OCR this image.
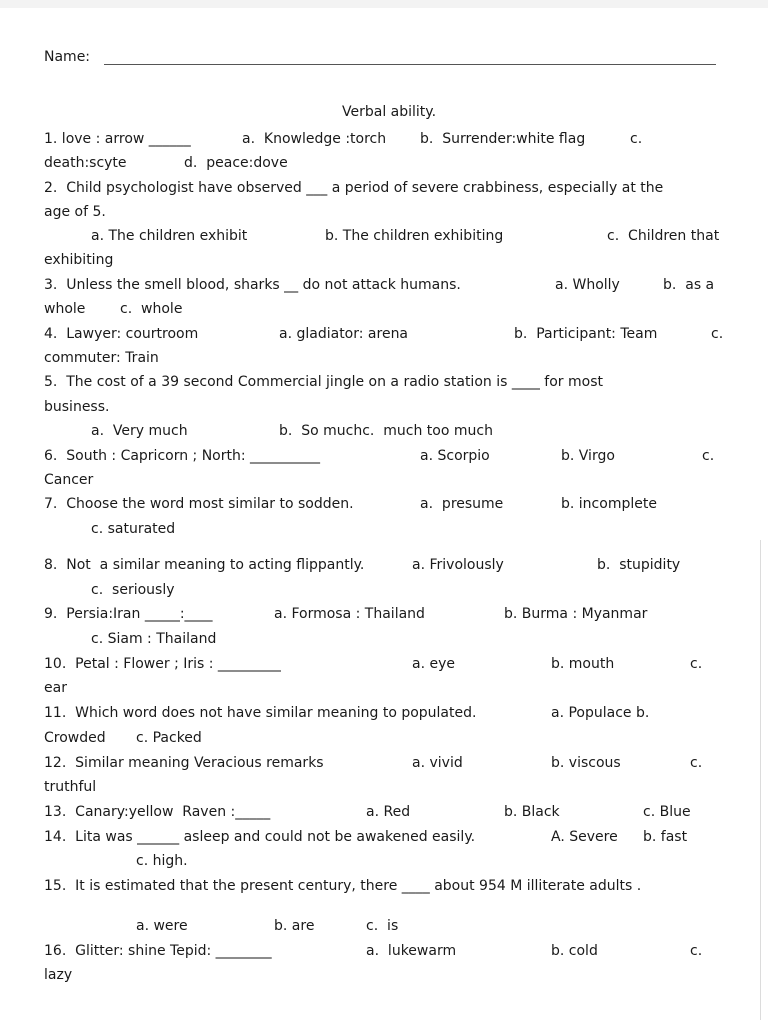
Name:
Verbal ability.
1. love : arrow ______	a.  Knowledge :torch b.  Surrender:white flag	c.
death:scyte	d.  peace:dove
2.  Child psychologist have observed ___ a period of severe crabbiness, especially at the
age of 5.
a. The children exhibit	b. The children exhibiting	c.  Children that
exhibiting
3.  Unless the smell blood, sharks __ do not attack humans.	a. Wholly	b.  as a
whole c.  whole
4.  Lawyer: courtroom	a. gladiator: arena	b.  Participant: Team	c.
commuter: Train
5.  The cost of a 39 second Commercial jingle on a radio station is ____ for most
business.
a.  Very much	b.  So muchc.  much too much
6.  South : Capricorn ; North: __________	a. Scorpio	b. Virgo	c.
Cancer
7.  Choose the word most similar to sodden.	a.  presume	b. incomplete
c. saturated
8.  Not  a similar meaning to acting flippantly.	a. Frivolously	b.  stupidity
c.  seriously
9.  Persia:Iran _____:____	a. Formosa : Thailand	b. Burma : Myanmar
c. Siam : Thailand
10.  Petal : Flower ; Iris : _________	a. eye	b. mouth	c.
ear
11.  Which word does not have similar meaning to populated.	a. Populace b.
Crowded c. Packed
12.  Similar meaning Veracious remarks	a. vivid	b. viscous	c.
truthful
13.  Canary:yellow  Raven :_____	a. Red	b. Black	c. Blue
14.  Lita was ______ asleep and could not be awakened easily.	A. Severe b. fast
c. high.
15.  It is estimated that the present century, there ____ about 954 M illiterate adults .
a. were	b. are	c.  is
16.  Glitter: shine Tepid: ________	a.  lukewarm	b. cold	c.
lazy
